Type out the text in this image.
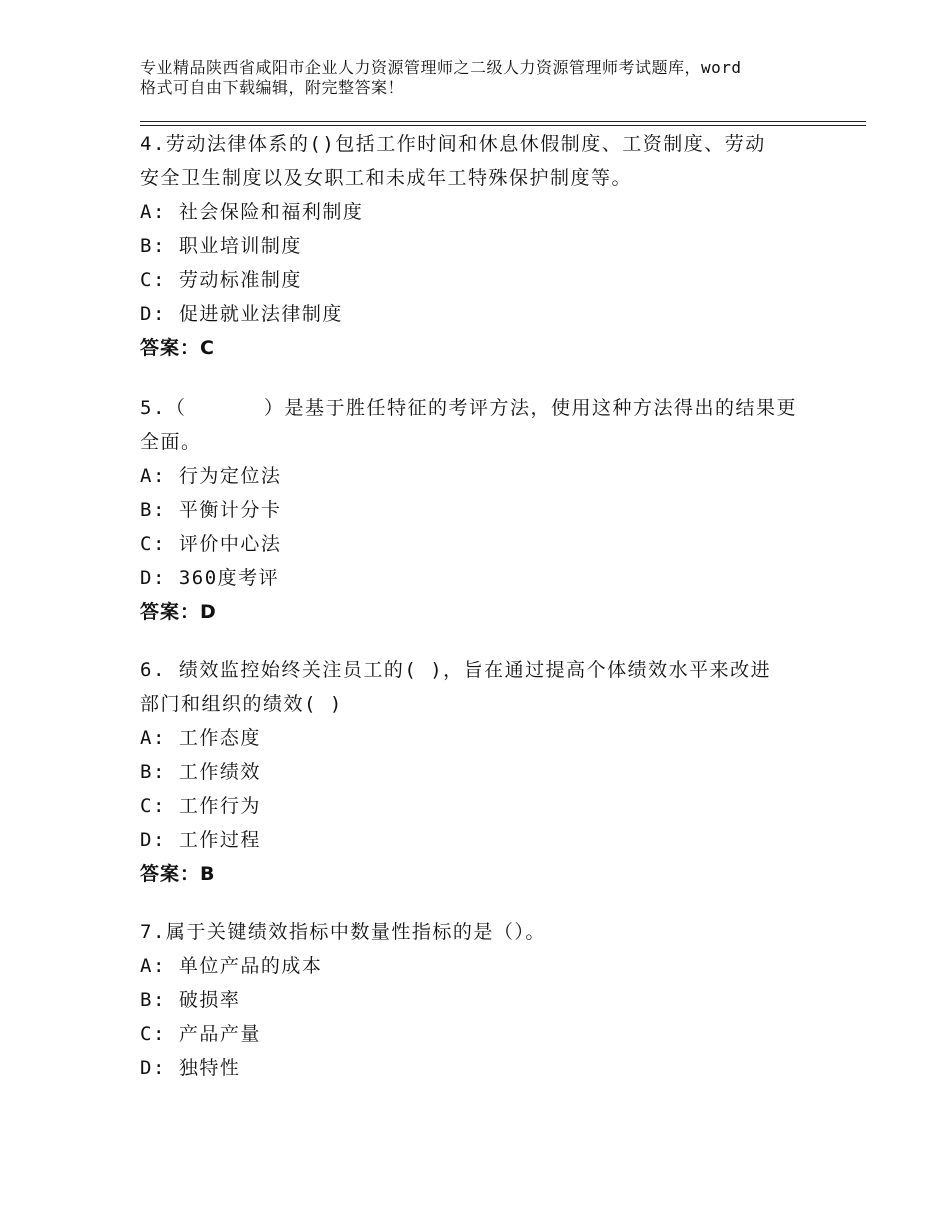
专业精品陕西省咸阳市企业人力资源管理师之二级人力资源管理师考试题库，word
格式可自由下载编辑，附完整答案！
4.劳动法律体系的()包括工作时间和休息休假制度、工资制度、劳动
安全卫生制度以及女职工和未成年工特殊保护制度等。
A: 社会保险和福利制度
B: 职业培训制度
C: 劳动标准制度
D: 促进就业法律制度
答案：C
5.（      ）是基于胜任特征的考评方法，使用这种方法得出的结果更
全面。
A: 行为定位法
B: 平衡计分卡
C: 评价中心法
D: 360度考评
答案：D
6. 绩效监控始终关注员工的( )，旨在通过提高个体绩效水平来改进
部门和组织的绩效( )
A: 工作态度
B: 工作绩效
C: 工作行为
D: 工作过程
答案：B
7.属于关键绩效指标中数量性指标的是（）。
A: 单位产品的成本
B: 破损率
C: 产品产量
D: 独特性
